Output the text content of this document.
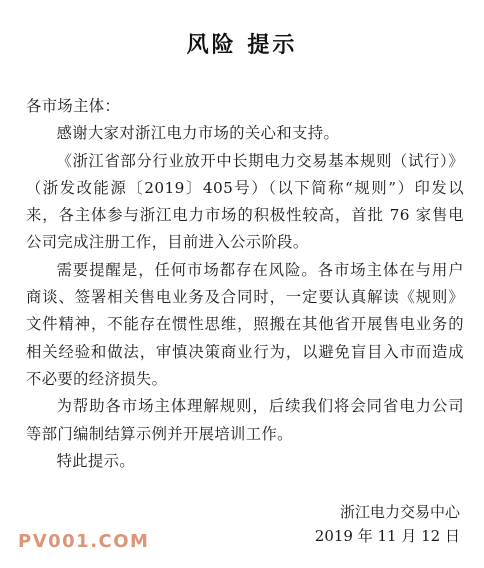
风险 提示

各市场主体：

感谢大家对浙江电力市场的关心和支持。

《浙江省部分行业放开中长期电力交易基本规则（试行）》（浙发改能源〔2019〕405号）（以下简称“规则”）印发以来，各主体参与浙江电力市场的积极性较高，首批 76 家售电公司完成注册工作，目前进入公示阶段。

需要提醒是，任何市场都存在风险。各市场主体在与用户商谈、签署相关售电业务及合同时，一定要认真解读《规则》文件精神，不能存在惯性思维，照搬在其他省开展售电业务的相关经验和做法，审慎决策商业行为，以避免盲目入市而造成不必要的经济损失。

为帮助各市场主体理解规则，后续我们将会同省电力公司等部门编制结算示例并开展培训工作。

特此提示。

浙江电力交易中心
2019 年 11 月 12 日
PV001.COM
